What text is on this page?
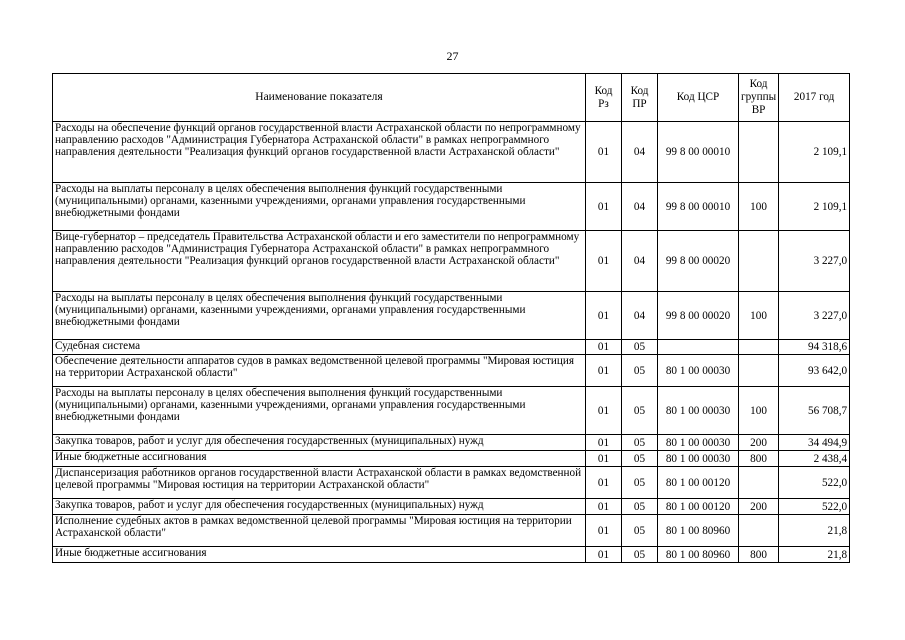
27
Наименование показателя	Код Рз	Код ПР	Код ЦСР	Код группы ВР	2017 год
Расходы на обеспечение функций органов государственной власти Астраханской области по непрограммному направлению расходов "Администрация Губернатора Астраханской области" в рамках непрограммного направления деятельности "Реализация функций органов государственной власти Астраханской области"	01	04	99 8 00 00010		2 109,1
Расходы на выплаты персоналу в целях обеспечения выполнения функций государственными (муниципальными) органами, казенными учреждениями, органами управления государственными внебюджетными фондами	01	04	99 8 00 00010	100	2 109,1
Вице-губернатор – председатель Правительства Астраханской области и его заместители по непрограммному направлению расходов "Администрация Губернатора Астраханской области" в рамках непрограммного направления деятельности "Реализация функций органов государственной власти Астраханской области"	01	04	99 8 00 00020		3 227,0
Расходы на выплаты персоналу в целях обеспечения выполнения функций государственными (муниципальными) органами, казенными учреждениями, органами управления государственными внебюджетными фондами	01	04	99 8 00 00020	100	3 227,0
Судебная система	01	05			94 318,6
Обеспечение деятельности аппаратов судов в рамках ведомственной целевой программы "Мировая юстиция на территории Астраханской области"	01	05	80 1 00 00030		93 642,0
Расходы на выплаты персоналу в целях обеспечения выполнения функций государственными (муниципальными) органами, казенными учреждениями, органами управления государственными внебюджетными фондами	01	05	80 1 00 00030	100	56 708,7
Закупка товаров, работ и услуг для обеспечения государственных (муниципальных) нужд	01	05	80 1 00 00030	200	34 494,9
Иные бюджетные ассигнования	01	05	80 1 00 00030	800	2 438,4
Диспансеризация работников органов государственной власти Астраханской области в рамках ведомственной целевой программы "Мировая юстиция на территории Астраханской области"	01	05	80 1 00 00120		522,0
Закупка товаров, работ и услуг для обеспечения государственных (муниципальных) нужд	01	05	80 1 00 00120	200	522,0
Исполнение судебных актов в рамках ведомственной целевой программы "Мировая юстиция на территории Астраханской области"	01	05	80 1 00 80960		21,8
Иные бюджетные ассигнования	01	05	80 1 00 80960	800	21,8
